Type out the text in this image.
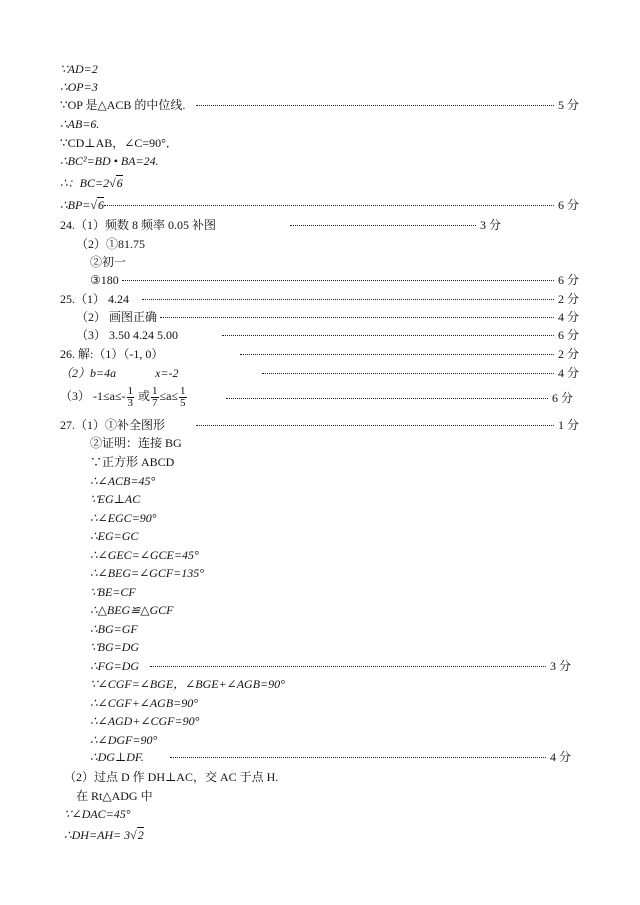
∵AD=2
∴OP=3
∵OP 是△ACB 的中位线.	5 分
∴AB=6.
∵CD⊥AB，∠C=90°．
∴BC²=BD • BA=24.
∴：BC=2√6
∴BP=√6	6 分
24.（1）频数 8 频率 0.05 补图	3 分
（2）①81.75
②初一
③180	6 分
25.（1） 4.24	2 分
（2） 画图正确	4 分
（3） 3.50 4.24 5.00	6 分
26. 解:（1）（-1, 0）	2 分
（2）b=4a	x=-2	4 分
（3） $-1\le a\le- \frac{1}{3}$ 或 $\frac{1}{7} \le a\le \frac{1}{5}$	6 分
27.（1）①补全图形	1 分
②证明：连接 BG
∵正方形 ABCD
∴∠ACB=45°
∵EG⊥AC
∴∠EGC=90°
∴EG=GC
∴∠GEC=∠GCE=45°
∴∠BEG=∠GCF=135°
∵BE=CF
∴△BEG≌△GCF
∴BG=GF
∵BG=DG
∴FG=DG	3 分
∵∠CGF=∠BGE，∠BGE+∠AGB=90°
∴∠CGF+∠AGB=90°
∴∠AGD+∠CGF=90°
∴∠DGF=90°
∴DG⊥DF.	4 分
（2）过点 D 作 DH⊥AC，交 AC 于点 H.
在 Rt△ADG 中
∵∠DAC=45°
∴DH=AH= 3√2
